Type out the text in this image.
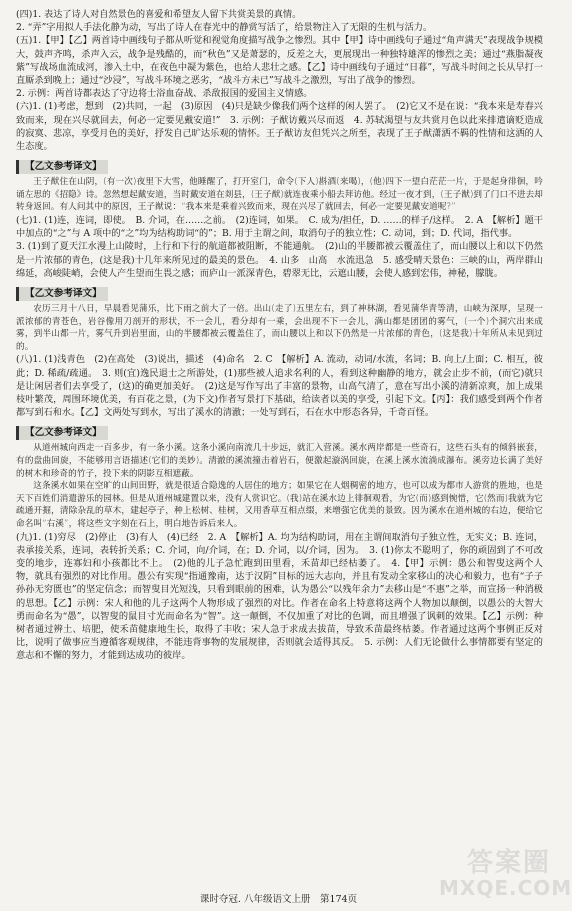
(四)1. 表达了诗人对自然景色的喜爱和希望友人留下共赏美景的真情。

2. “弄”字用拟人手法化静为动，写出了诗人在春光中的静赏写活了，给景物注入了无限的生机与活力。

(五)1.【甲】【乙】两首诗中画线句子都从听觉和视觉角度描写战争之惨烈。其中【甲】诗中画线句子通过“角声满天”表现战争规模大，鼓声齐鸣，杀声入云，战争是残酷的，而“秋色”又是萧瑟的，反差之大，更展现出一种独特雄浑的惨烈之美；通过“燕脂凝夜紫”写战场血流成河，渗入土中，在夜色中凝为紫色，也给人悲壮之感。【乙】诗中画线句子通过“日暮”，写战斗时间之长从早打一直厮杀到晚上；通过“沙浸”，写战斗环境之恶劣，“战斗方未已”写战斗之激烈，写出了战争的惨烈。

2. 示例：两首诗都表达了守边将士浴血奋战、杀敌报国的爱国主义情感。

(六)1. (1)考虑，想到　(2)共同，一起　(3)原因　(4)只是缺少像我们两个这样的闲人罢了。　(2)它又不是在说：“我本来是寿春兴致而来，现在兴尽就回去，何必一定要见戴安道!”　3. 示例：子猷访戴兴尽而返　4. 苏轼渴望与友共赏月色以此来排遣谪贬造成的寂寞、悲凉，享受月色的美好，抒发自己旷达乐观的情怀。王子猷访友但凭兴之所至，表现了王子猷潇洒不羁的性情和这洒的人生态度。

【乙文参考译文】

王子猷住在山阴，(有一次)夜里下大雪，他睡醒了，打开室门，命令(下人)斟酒(来喝)，(他)四下一望白茫茫一片，于是起身徘徊，吟诵左思的《招隐》诗。忽然想起戴安道，当时戴安道在剡县，(王子猷)就连夜乘小船去拜访他。经过一夜才到，(王子猷)到了门口不进去却转身返回。有人问其中的原因，王子猷说：“我本来是乘着兴致而来，现在兴尽了就回去，何必一定要见戴安道呢?”

(七)1. (1)连，连词，即使。　B. 介词，在……之前。　(2)连词，如果。　C. 成为/担任，D. ……的样子/这样。　2. A　【解析】题干中加点的“之”与 A 项中的“之”均为结构助词“的”；B. 用于主谓之间，取消句子的独立性；C. 动词，到；D. 代词，指代事。

3. (1)到了夏天江水漫上山陵时，上行和下行的航道都被阻断，不能通航。　(2)山的半腰都被云覆盖住了，而山腰以上和以下仍然是一片浓郁的青色，(这是我)十几年来所见过的最美的景色。　4. 山多　山高　水流迅急　5. 感受晴天景色：三峡的山，两岸群山绵延，高峻陡峭，会使人产生望而生畏之感；而庐山一派深青色，碧翠无比，云遮山腰，会使人感到宏伟，神秘，朦胧。

【乙文参考译文】

农历三月十八日，早晨看见蒲乐，比下雨之前大了一倍。出山(走了)五里左右，到了神林湖，看见蒲华青等清，山峡为深厚，呈现一派浓郁的青苍色，岩谷像用刀剖开的形状，不一会儿，看分却有一乘，会出现不下一会儿，满山都是团团的雾气，(一个)个洞穴出来成雾，到半山都一片，雾气升到岩里面，山的半腰都被云覆盖住了，而山腰以上和以下仍然是一片浓郁的青色，(这是我)十年所从未见到过的。

(八)1. (1)浅青色　(2)在高处　(3)说出，描述　(4)命名　2. C　【解析】A. 流动，动词/水流，名词；B. 向上/上面；C. 相互，彼此；D. 稀疏/疏通。　3. 则(宜)逸民退士之所游处，(1)那些被人追求名利的人，看到这种幽静的地方，就会止步不前，(而它)就只是让闲居者们去享受了，(这)的确更加美好。　(2)这是写作写出了丰富的景物，山高气清了，意在写出小溪的清新凉爽，加上成果枝叶繁茂，周围环境优美，有百花之景，(为下文)作者写景打下基础，给读者以美的享受，引起下文。【丙】：我们感受到两个作者都写到石和水。【乙】文两处写到水，写出了溪水的清澈；一处写到石，石在水中形态各异，千奇百怪。

【乙文参考译文】

从道州城向西走一百多步，有一条小溪。这条小溪向南流几十步远，就汇入营溪。溪水两岸都是一些奇石，这些石头有的倾斜嵌套，有的盘曲回旋，不能够用言语描述(它们的美妙)。清澈的溪流撞击着岩石，便激起漩涡回旋，在溪上溪水流淌成瀑布。溪旁边长满了美好的树木和珍奇的竹子，投下来的阴影互相遮蔽。

这条溪水如果在空旷的山间田野，就是很适合隐逸的人居住的地方；如果它在人烟稠密的地方，也可以成为都市人游赏的胜地，也是天下百姓们消遣游乐的园林。但是从道州城建置以来，没有人赏识它。(我)站在溪水边上徘徊观看，为它(而)感到惋惜，它(然而)我就为它疏通开掘，清除杂乱的草木，建起亭子，种上松树、桂树，又用香草互相点缀，来增强它优美的景致。因为溪水在道州城的右边，便给它命名叫“右溪”，将这些文字刻在石上，明白地告诉后来人。

(九)1. (1)穷尽　(2)停止　(3)有人　(4)已经　2. A　【解析】A. 均为结构助词，用在主谓间取消句子独立性，无实义；B. 连词，表承接关系，连词，表转折关系；C. 介词，向/介词，在；D. 介词，以/介词，因为。　3. (1)你太不聪明了，你的顽固到了不可改变的地步，连寡妇和小孩都比不上。　(2)他的儿子急忙跑到田里看，禾苗却已经枯萎了。　4.【甲】示例：愚公和智叟这两个人物，就具有强烈的对比作用。愚公有实现“指通豫南，达于汉阴”目标的远大志向，并且有发动全家移山的决心和毅力，也有“子子孙孙无穷匮也”的坚定信念；而智叟目光短浅，只看到眼前的困难，认为愚公“以残年余力”去移山是“不惠”之举，而宣扬一种消极的思想。【乙】示例：宋人和他的儿子这两个人物形成了强烈的对比。作者在命名上特意将这两个人物加以颠倒，以愚公的大智大勇而命名为“愚”，以智叟的鼠目寸光而命名为“智”。这一颠倒，不仅加重了对比的色调，而且增强了讽刺的效果。【乙】示例：种树者通过辨土、培肥，使禾苗健康地生长，取得了丰收；宋人急于求成去拔苗，导致禾苗最终枯萎。作者通过这两个事例正反对比，说明了做事应当遵循客观规律，不能违背事物的发展规律，否则就会适得其反。　5. 示例：人们无论做什么事情都要有坚定的意志和不懈的努力，才能到达成功的彼岸。

课时夺冠. 八年级语文上册　第174页
答案圈
MXQE.COM
